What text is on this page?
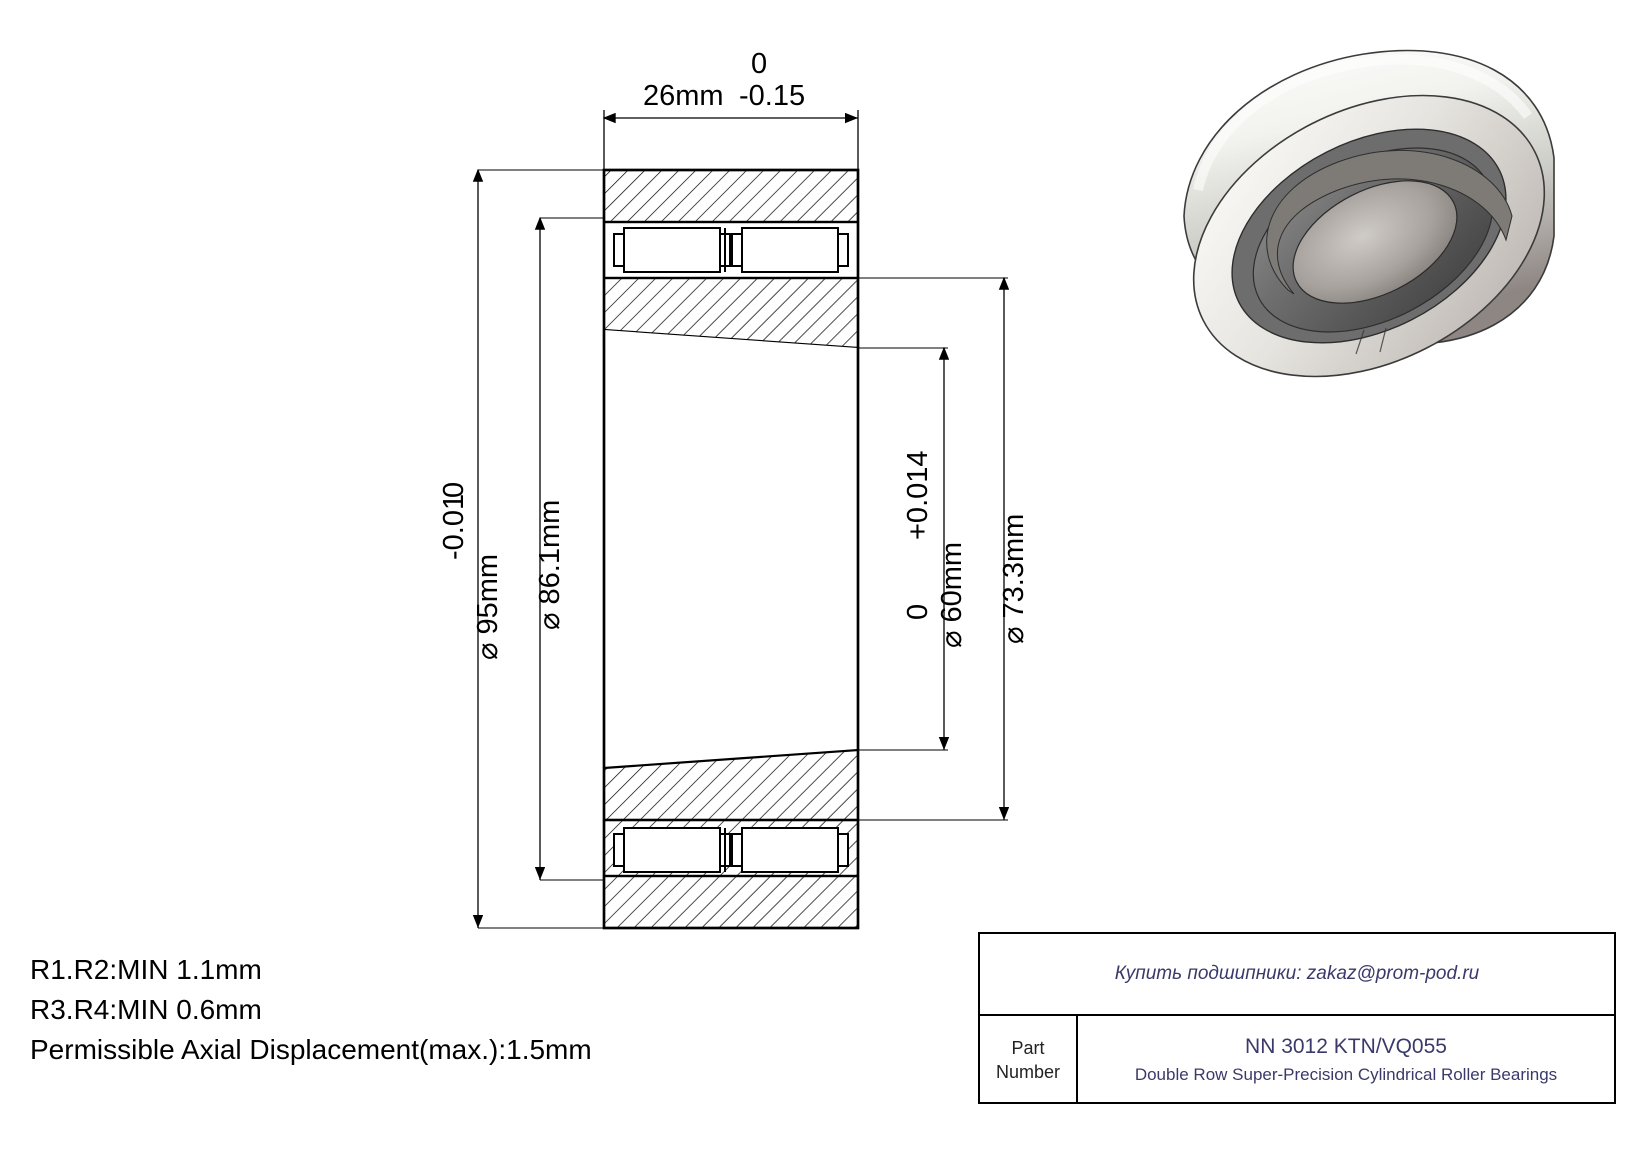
0
26mm -0.15
0
⌀ 95mm
-0.01 ⌀ 86.1mm
+0.014
0 ⌀ 60mm ⌀ 73.3mm
R1.R2:MIN 1.1mm
R3.R4:MIN 0.6mm
Permissible Axial Displacement(max.):1.5mm
Купить подшипники: zakaz@prom-pod.ru
Part
Number
NN 3012 KTN/VQ055
Double Row Super-Precision Cylindrical Roller Bearings
